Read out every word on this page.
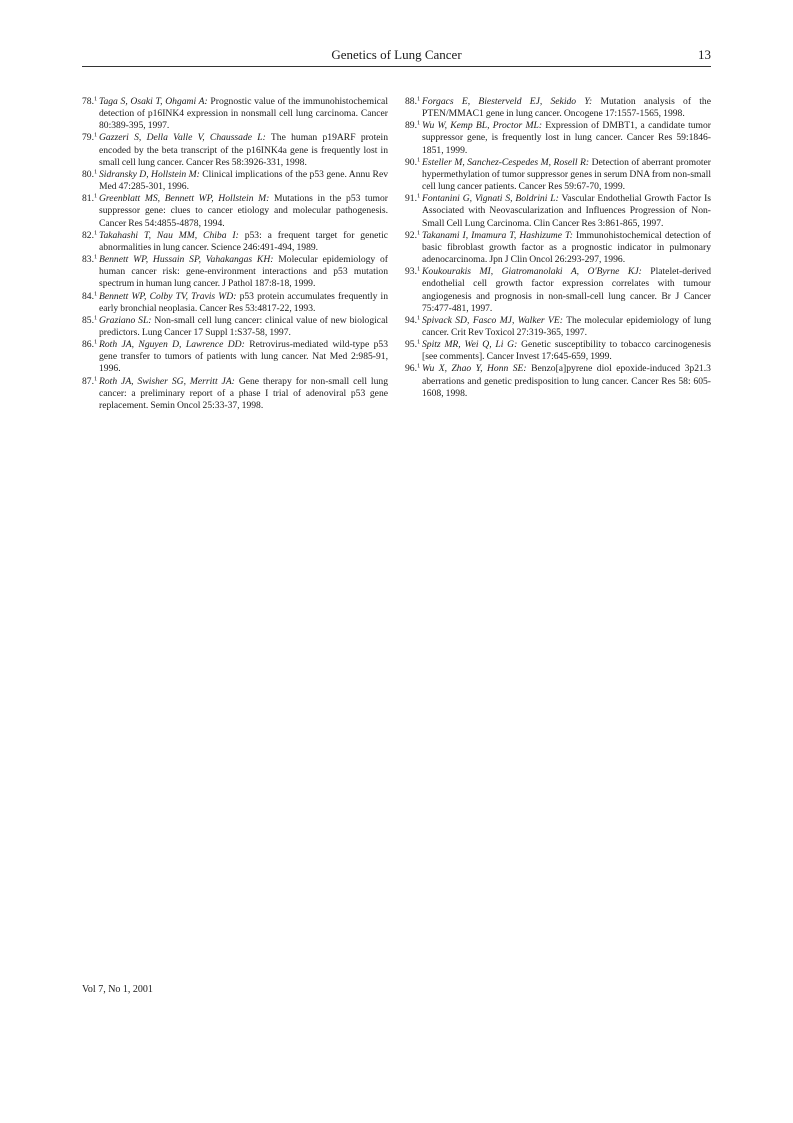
Genetics of Lung Cancer	13

78.$^1$ Taga S, Osaki T, Ohgami A: Prognostic value of the immunohistochemical detection of p16INK4 expression in nonsmall cell lung carcinoma. Cancer 80:389-395, 1997.

79.$^1$ Gazzeri S, Della Valle V, Chaussade L: The human p19ARF protein encoded by the beta transcript of the p16INK4a gene is frequently lost in small cell lung cancer. Cancer Res 58:3926-331, 1998.

80.$^1$ Sidransky D, Hollstein M: Clinical implications of the p53 gene. Annu Rev Med 47:285-301, 1996.

81.$^1$ Greenblatt MS, Bennett WP, Hollstein M: Mutations in the p53 tumor suppressor gene: clues to cancer etiology and molecular pathogenesis. Cancer Res 54:4855-4878, 1994.

82.$^1$ Takahashi T, Nau MM, Chiba I: p53: a frequent target for genetic abnormalities in lung cancer. Science 246:491-494, 1989.

83.$^1$ Bennett WP, Hussain SP, Vahakangas KH: Molecular epidemiology of human cancer risk: gene-environment interactions and p53 mutation spectrum in human lung cancer. J Pathol 187:8-18, 1999.

84.$^1$ Bennett WP, Colby TV, Travis WD: p53 protein accumulates frequently in early bronchial neoplasia. Cancer Res 53:4817-22, 1993.

85.$^1$ Graziano SL: Non-small cell lung cancer: clinical value of new biological predictors. Lung Cancer 17 Suppl 1:S37-58, 1997.

86.$^1$ Roth JA, Nguyen D, Lawrence DD: Retrovirus-mediated wild-type p53 gene transfer to tumors of patients with lung cancer. Nat Med 2:985-91, 1996.

87.$^1$ Roth JA, Swisher SG, Merritt JA: Gene therapy for non-small cell lung cancer: a preliminary report of a phase I trial of adenoviral p53 gene replacement. Semin Oncol 25:33-37, 1998.

88.$^1$ Forgacs E, Biesterveld EJ, Sekido Y: Mutation analysis of the PTEN/MMAC1 gene in lung cancer. Oncogene 17:1557-1565, 1998.

89.$^1$ Wu W, Kemp BL, Proctor ML: Expression of DMBT1, a candidate tumor suppressor gene, is frequently lost in lung cancer. Cancer Res 59:1846-1851, 1999.

90.$^1$ Esteller M, Sanchez-Cespedes M, Rosell R: Detection of aberrant promoter hypermethylation of tumor suppressor genes in serum DNA from non-small cell lung cancer patients. Cancer Res 59:67-70, 1999.

91.$^1$ Fontanini G, Vignati S, Boldrini L: Vascular Endothelial Growth Factor Is Associated with Neovascularization and Influences Progression of Non-Small Cell Lung Carcinoma. Clin Cancer Res 3:861-865, 1997.

92.$^1$ Takanami I, Imamura T, Hashizume T: Immunohistochemical detection of basic fibroblast growth factor as a prognostic indicator in pulmonary adenocarcinoma. Jpn J Clin Oncol 26:293-297, 1996.

93.$^1$ Koukourakis MI, Giatromanolaki A, O'Byrne KJ: Platelet-derived endothelial cell growth factor expression correlates with tumour angiogenesis and prognosis in non-small-cell lung cancer. Br J Cancer 75:477-481, 1997.

94.$^1$ Spivack SD, Fasco MJ, Walker VE: The molecular epidemiology of lung cancer. Crit Rev Toxicol 27:319-365, 1997.

95.$^1$ Spitz MR, Wei Q, Li G: Genetic susceptibility to tobacco carcinogenesis [see comments]. Cancer Invest 17:645-659, 1999.

96.$^1$ Wu X, Zhao Y, Honn SE: Benzo[a]pyrene diol epoxide-induced 3p21.3 aberrations and genetic predisposition to lung cancer. Cancer Res 58: 605-1608, 1998.

Vol 7, No 1, 2001
